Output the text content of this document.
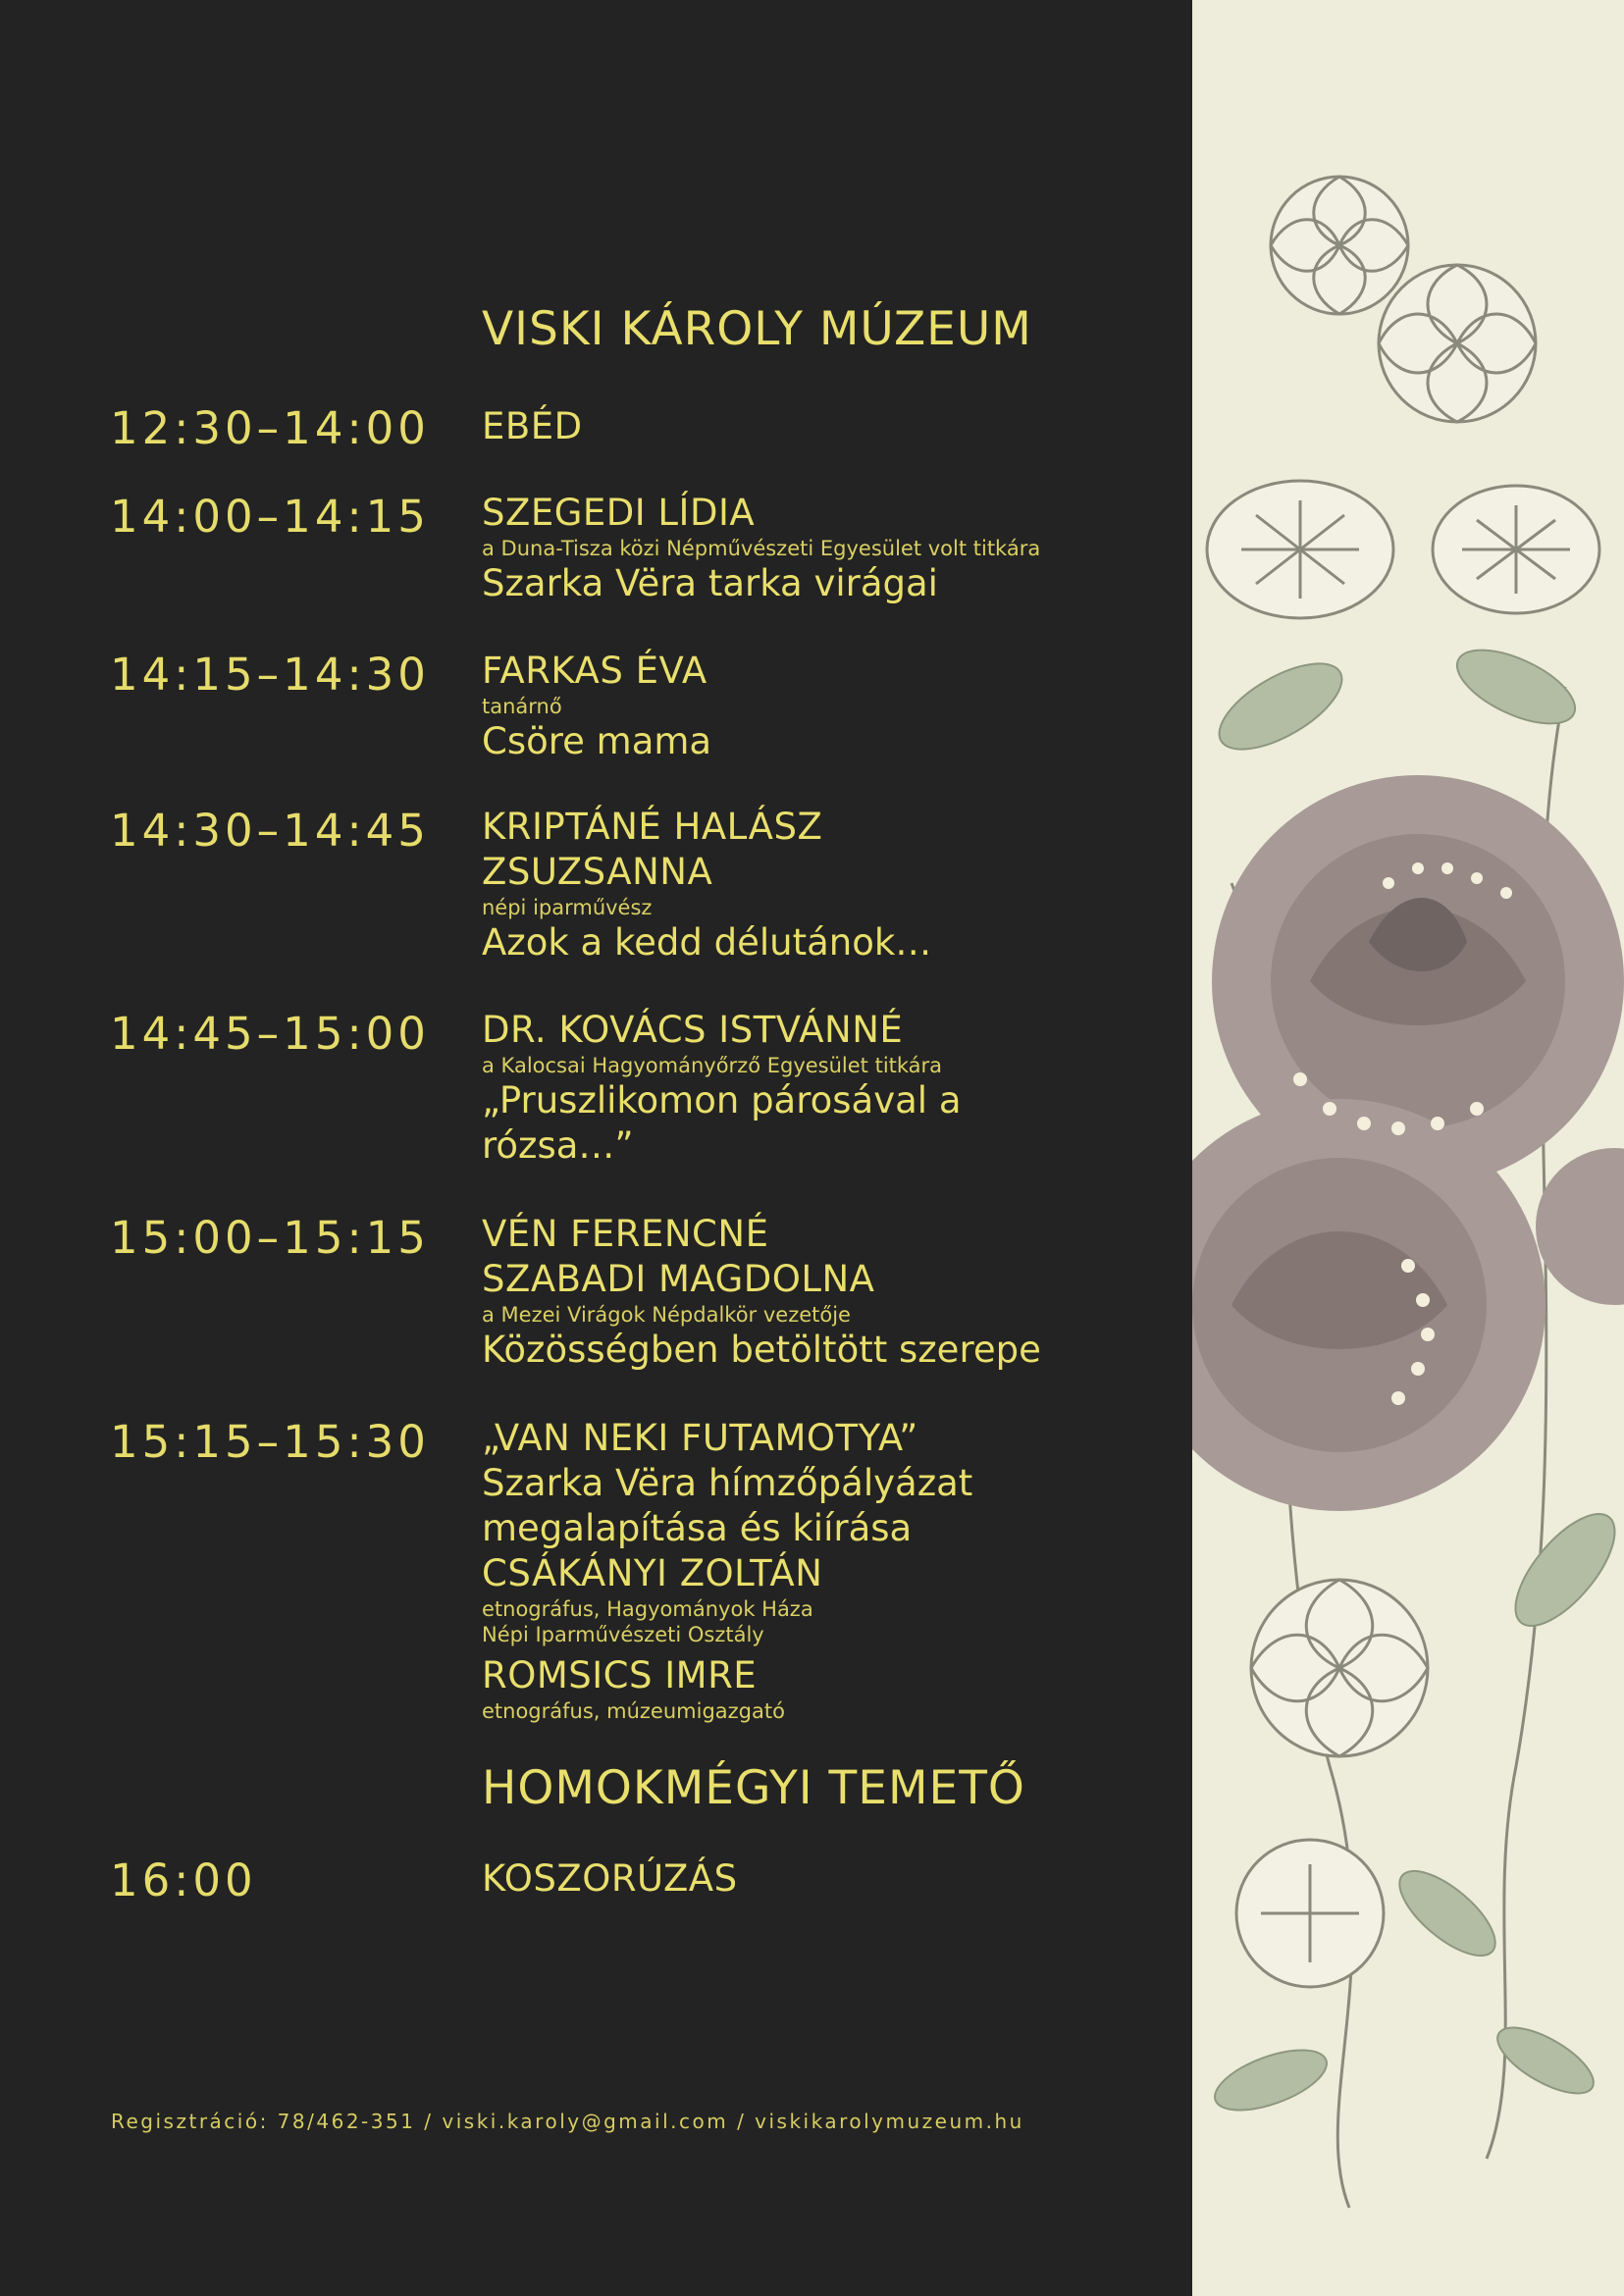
VISKI KÁROLY MÚZEUM
12:30–14:00 EBÉD
14:00–14:15 SZEGEDI LÍDIA
a Duna-Tisza közi Népművészeti Egyesület volt titkára
Szarka Vëra tarka virágai
14:15–14:30 FARKAS ÉVA
tanárnő
Csöre mama
14:30–14:45 KRIPTÁNÉ HALÁSZ
ZSUZSANNA
népi iparművész
Azok a kedd délutánok…
14:45–15:00 DR. KOVÁCS ISTVÁNNÉ
a Kalocsai Hagyományőrző Egyesület titkára
„Pruszlikomon párosával a
rózsa…”
15:00–15:15 VÉN FERENCNÉ
SZABADI MAGDOLNA
a Mezei Virágok Népdalkör vezetője
Közösségben betöltött szerepe
15:15–15:30 „VAN NEKI FUTAMOTYA”
Szarka Vëra hímzőpályázat
megalapítása és kiírása
CSÁKÁNYI ZOLTÁN
etnográfus, Hagyományok Háza
Népi Iparművészeti Osztály
ROMSICS IMRE
etnográfus, múzeumigazgató
HOMOKMÉGYI TEMETŐ
16:00	KOSZORÚZÁS
Regisztráció: 78/462-351 / viski.karoly@gmail.com / viskikarolymuzeum.hu
